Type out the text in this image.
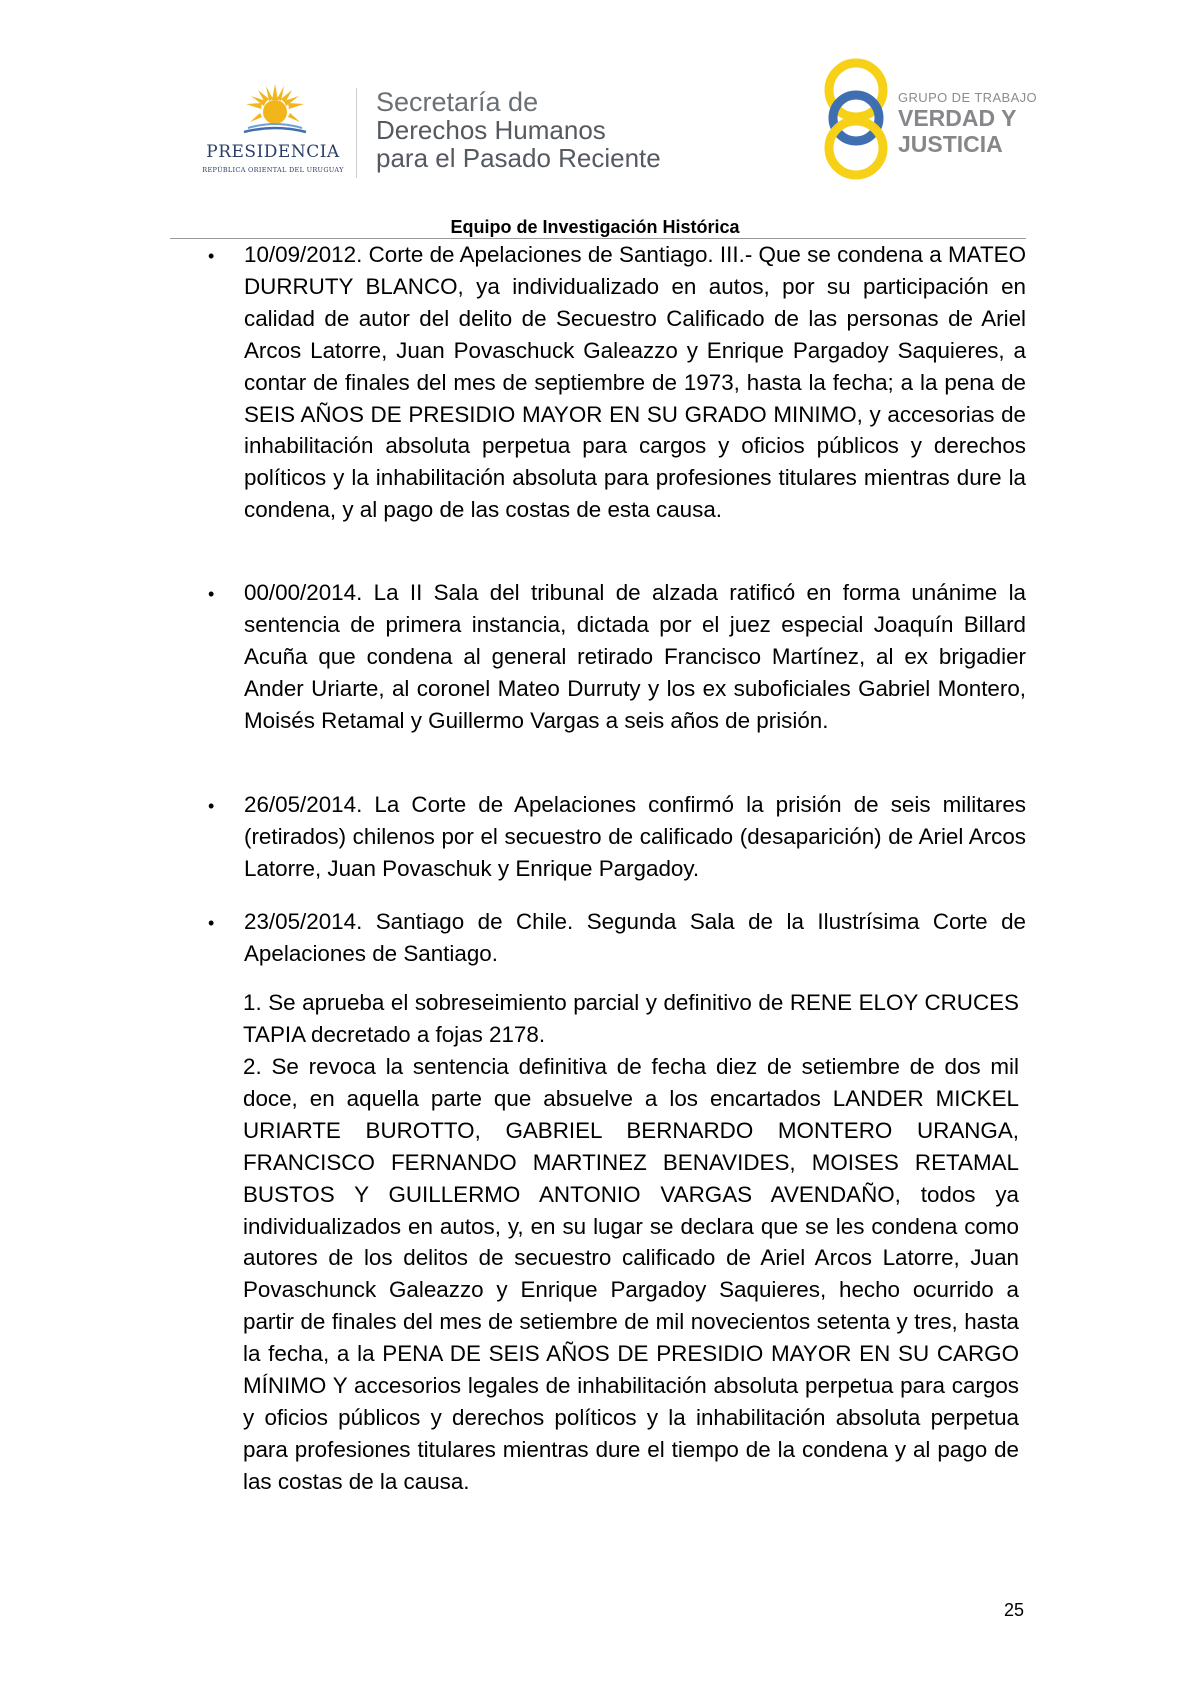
PRESIDENCIA
REPÚBLICA ORIENTAL DEL URUGUAY
Secretaría de
Derechos Humanos
para el Pasado Reciente
GRUPO DE TRABAJO
VERDAD Y
JUSTICIA
Equipo de Investigación Histórica
• 10/09/2012. Corte de Apelaciones de Santiago. III.- Que se condena a MATEO DURRUTY BLANCO, ya individualizado en autos, por su participación en calidad de autor del delito de Secuestro Calificado de las personas de Ariel Arcos Latorre, Juan Povaschuck Galeazzo y Enrique Pargadoy Saquieres, a contar de finales del mes de septiembre de 1973, hasta la fecha; a la pena de SEIS AÑOS DE PRESIDIO MAYOR EN SU GRADO MINIMO, y accesorias de inhabilitación absoluta perpetua para cargos y oficios públicos y derechos políticos y la inhabilitación absoluta para profesiones titulares mientras dure la condena, y al pago de las costas de esta causa.

• 00/00/2014. La II Sala del tribunal de alzada ratificó en forma unánime la sentencia de primera instancia, dictada por el juez especial Joaquín Billard Acuña que condena al general retirado Francisco Martínez, al ex brigadier Ander Uriarte, al coronel Mateo Durruty y los ex suboficiales Gabriel Montero, Moisés Retamal y Guillermo Vargas a seis años de prisión.

• 26/05/2014. La Corte de Apelaciones confirmó la prisión de seis militares (retirados) chilenos por el secuestro de calificado (desaparición) de Ariel Arcos Latorre, Juan Povaschuk y Enrique Pargadoy.

• 23/05/2014. Santiago de Chile. Segunda Sala de la Ilustrísima Corte de Apelaciones de Santiago.

1. Se aprueba el sobreseimiento parcial y definitivo de RENE ELOY CRUCES TAPIA decretado a fojas 2178.

2. Se revoca la sentencia definitiva de fecha diez de setiembre de dos mil doce, en aquella parte que absuelve a los encartados LANDER MICKEL URIARTE BUROTTO, GABRIEL BERNARDO MONTERO URANGA, FRANCISCO FERNANDO MARTINEZ BENAVIDES, MOISES RETAMAL BUSTOS Y GUILLERMO ANTONIO VARGAS AVENDAÑO, todos ya individualizados en autos, y, en su lugar se declara que se les condena como autores de los delitos de secuestro calificado de Ariel Arcos Latorre, Juan Povaschunck Galeazzo y Enrique Pargadoy Saquieres, hecho ocurrido a partir de finales del mes de setiembre de mil novecientos setenta y tres, hasta la fecha, a la PENA DE SEIS AÑOS DE PRESIDIO MAYOR EN SU CARGO MÍNIMO Y accesorios legales de inhabilitación absoluta perpetua para cargos y oficios públicos y derechos políticos y la inhabilitación absoluta perpetua para profesiones titulares mientras dure el tiempo de la condena y al pago de las costas de la causa.

25
